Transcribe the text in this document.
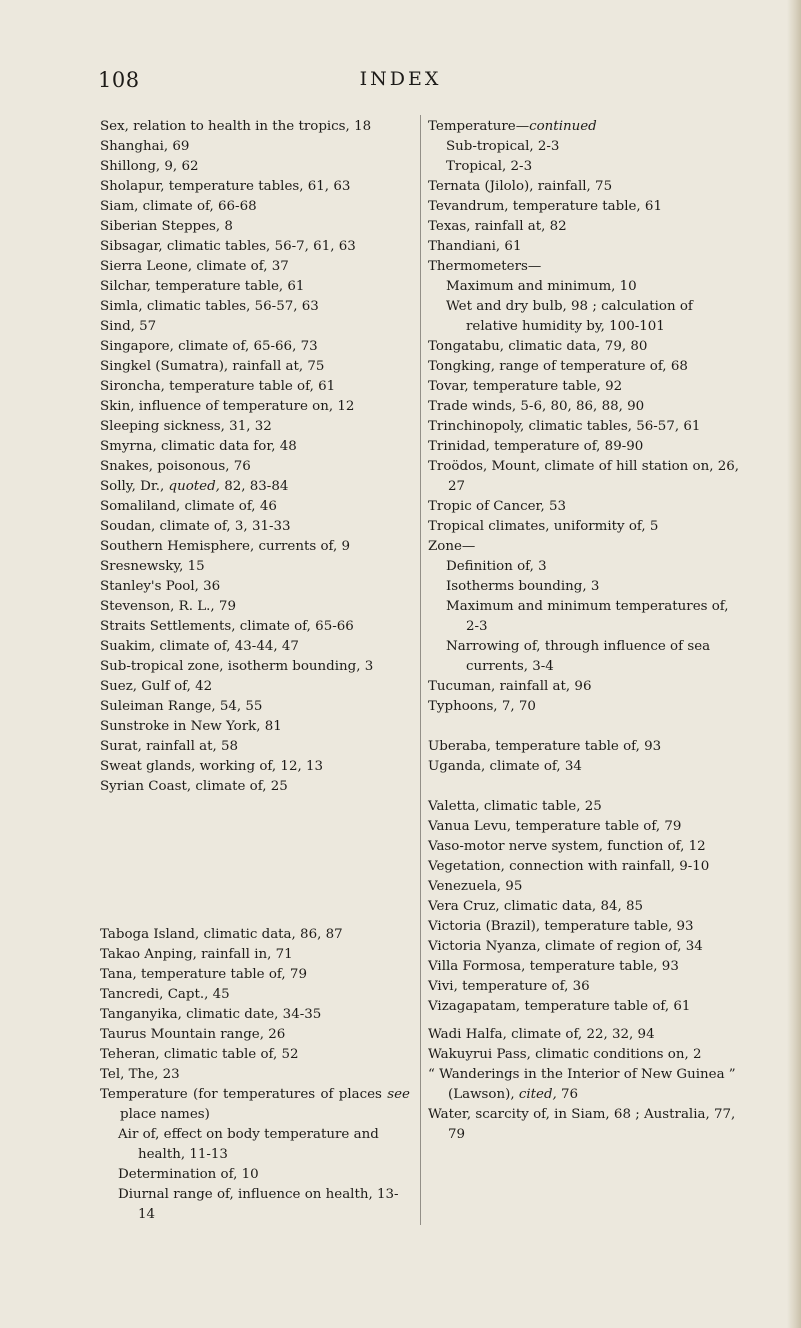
108	INDEX
Sex, relation to health in the tropics, 18
Shanghai, 69
Shillong, 9, 62
Sholapur, temperature tables, 61, 63
Siam, climate of, 66-68
Siberian Steppes, 8
Sibsagar, climatic tables, 56-7, 61, 63
Sierra Leone, climate of, 37
Silchar, temperature table, 61
Simla, climatic tables, 56-57, 63
Sind, 57
Singapore, climate of, 65-66, 73
Singkel (Sumatra), rainfall at, 75
Sironcha, temperature table of, 61
Skin, influence of temperature on, 12
Sleeping sickness, 31, 32
Smyrna, climatic data for, 48
Snakes, poisonous, 76
Solly, Dr., quoted, 82, 83-84
Somaliland, climate of, 46
Soudan, climate of, 3, 31-33
Southern Hemisphere, currents of, 9
Sresnewsky, 15
Stanley's Pool, 36
Stevenson, R. L., 79
Straits Settlements, climate of, 65-66
Suakim, climate of, 43-44, 47
Sub-tropical zone, isotherm bounding, 3
Suez, Gulf of, 42
Suleiman Range, 54, 55
Sunstroke in New York, 81
Surat, rainfall at, 58
Sweat glands, working of, 12, 13
Syrian Coast, climate of, 25
Taboga Island, climatic data, 86, 87
Takao Anping, rainfall in, 71
Tana, temperature table of, 79
Tancredi, Capt., 45
Tanganyika, climatic date, 34-35
Taurus Mountain range, 26
Teheran, climatic table of, 52
Tel, The, 23
Temperature (for temperatures of places see place names)
Air of, effect on body temperature and health, 11-13
Determination of, 10
Diurnal range of, influence on health, 13-14
Temperature—continued
Sub-tropical, 2-3
Tropical, 2-3
Ternata (Jilolo), rainfall, 75
Tevandrum, temperature table, 61
Texas, rainfall at, 82
Thandiani, 61
Thermometers—
Maximum and minimum, 10
Wet and dry bulb, 98 ; calculation of relative humidity by, 100-101
Tongatabu, climatic data, 79, 80
Tongking, range of temperature of, 68
Tovar, temperature table, 92
Trade winds, 5-6, 80, 86, 88, 90
Trinchinopoly, climatic tables, 56-57, 61
Trinidad, temperature of, 89-90
Troödos, Mount, climate of hill station on, 26, 27
Tropic of Cancer, 53
Tropical climates, uniformity of, 5
Zone—
Definition of, 3
Isotherms bounding, 3
Maximum and minimum temperatures of, 2-3
Narrowing of, through influence of sea currents, 3-4
Tucuman, rainfall at, 96
Typhoons, 7, 70
Uberaba, temperature table of, 93
Uganda, climate of, 34
Valetta, climatic table, 25
Vanua Levu, temperature table of, 79
Vaso-motor nerve system, function of, 12
Vegetation, connection with rainfall, 9-10
Venezuela, 95
Vera Cruz, climatic data, 84, 85
Victoria (Brazil), temperature table, 93
Victoria Nyanza, climate of region of, 34
Villa Formosa, temperature table, 93
Vivi, temperature of, 36
Vizagapatam, temperature table of, 61
Wadi Halfa, climate of, 22, 32, 94
Wakuyrui Pass, climatic conditions on, 2
“ Wanderings in the Interior of New Guinea ” (Lawson), cited, 76
Water, scarcity of, in Siam, 68 ; Australia, 77, 79
